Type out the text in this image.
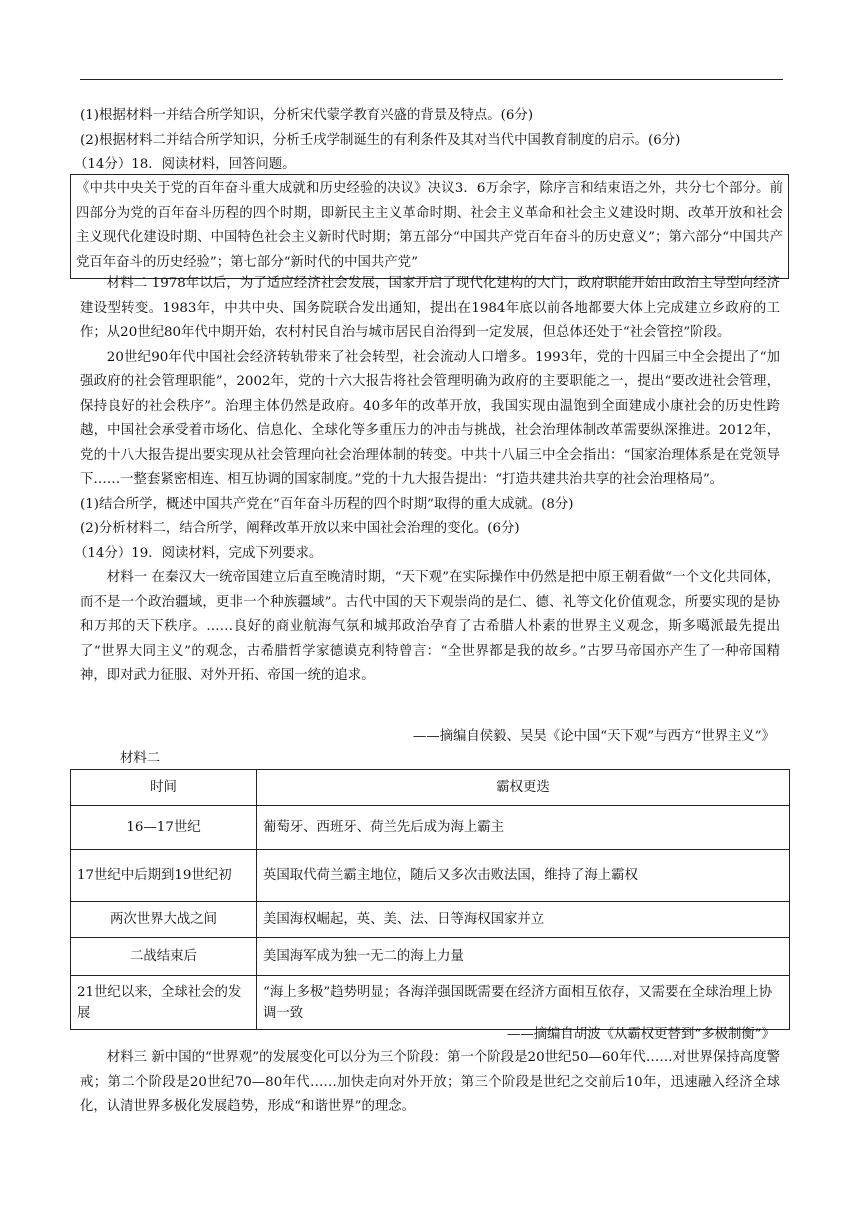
(1)根据材料一并结合所学知识，分析宋代蒙学教育兴盛的背景及特点。(6分)

(2)根据材料二并结合所学知识，分析壬戌学制诞生的有利条件及其对当代中国教育制度的启示。(6分)

（14分）18．阅读材料，回答问题。

《中共中央关于党的百年奋斗重大成就和历史经验的决议》决议3．6万余字，除序言和结束语之外，共分七个部分。前四部分为党的百年奋斗历程的四个时期，即新民主主义革命时期、社会主义革命和社会主义建设时期、改革开放和社会主义现代化建设时期、中国特色社会主义新时代时期；第五部分“中国共产党百年奋斗的历史意义”；第六部分“中国共产党百年奋斗的历史经验”；第七部分“新时代的中国共产党”

材料二 1978年以后，为了适应经济社会发展，国家开启了现代化建构的大门，政府职能开始由政治主导型向经济建设型转变。1983年，中共中央、国务院联合发出通知，提出在1984年底以前各地都要大体上完成建立乡政府的工作；从20世纪80年代中期开始，农村村民自治与城市居民自治得到一定发展，但总体还处于“社会管控”阶段。

20世纪90年代中国社会经济转轨带来了社会转型，社会流动人口增多。1993年，党的十四届三中全会提出了“加强政府的社会管理职能”，2002年，党的十六大报告将社会管理明确为政府的主要职能之一，提出“要改进社会管理，保持良好的社会秩序”。治理主体仍然是政府。40多年的改革开放，我国实现由温饱到全面建成小康社会的历史性跨越，中国社会承受着市场化、信息化、全球化等多重压力的冲击与挑战，社会治理体制改革需要纵深推进。2012年，党的十八大报告提出要实现从社会管理向社会治理体制的转变。中共十八届三中全会指出：“国家治理体系是在党领导下……一整套紧密相连、相互协调的国家制度。”党的十九大报告提出：“打造共建共治共享的社会治理格局”。

(1)结合所学，概述中国共产党在“百年奋斗历程的四个时期”取得的重大成就。(8分)

(2)分析材料二，结合所学，阐释改革开放以来中国社会治理的变化。(6分)

（14分）19．阅读材料，完成下列要求。

材料一 在秦汉大一统帝国建立后直至晚清时期，“天下观”在实际操作中仍然是把中原王朝看做“一个文化共同体，而不是一个政治疆域，更非一个种族疆域”。古代中国的天下观崇尚的是仁、德、礼等文化价值观念，所要实现的是协和万邦的天下秩序。……良好的商业航海气氛和城邦政治孕育了古希腊人朴素的世界主义观念，斯多噶派最先提出了“世界大同主义”的观念，古希腊哲学家德谟克利特曾言：“全世界都是我的故乡。”古罗马帝国亦产生了一种帝国精神，即对武力征服、对外开拓、帝国一统的追求。

——摘编自侯毅、吴昊《论中国“天下观”与西方“世界主义”》
材料二
时间	霸权更迭
16—17世纪	葡萄牙、西班牙、荷兰先后成为海上霸主
17世纪中后期到19世纪初	英国取代荷兰霸主地位，随后又多次击败法国，维持了海上霸权
两次世界大战之间	美国海权崛起，英、美、法、日等海权国家并立
二战结束后	美国海军成为独一无二的海上力量
21世纪以来，全球社会的发展	“海上多极”趋势明显；各海洋强国既需要在经济方面相互依存，又需要在全球治理上协调一致
——摘编自胡波《从霸权更替到“多极制衡”》

材料三 新中国的“世界观”的发展变化可以分为三个阶段：第一个阶段是20世纪50—60年代……对世界保持高度警戒；第二个阶段是20世纪70—80年代……加快走向对外开放；第三个阶段是世纪之交前后10年，迅速融入经济全球化，认清世界多极化发展趋势，形成“和谐世界”的理念。
